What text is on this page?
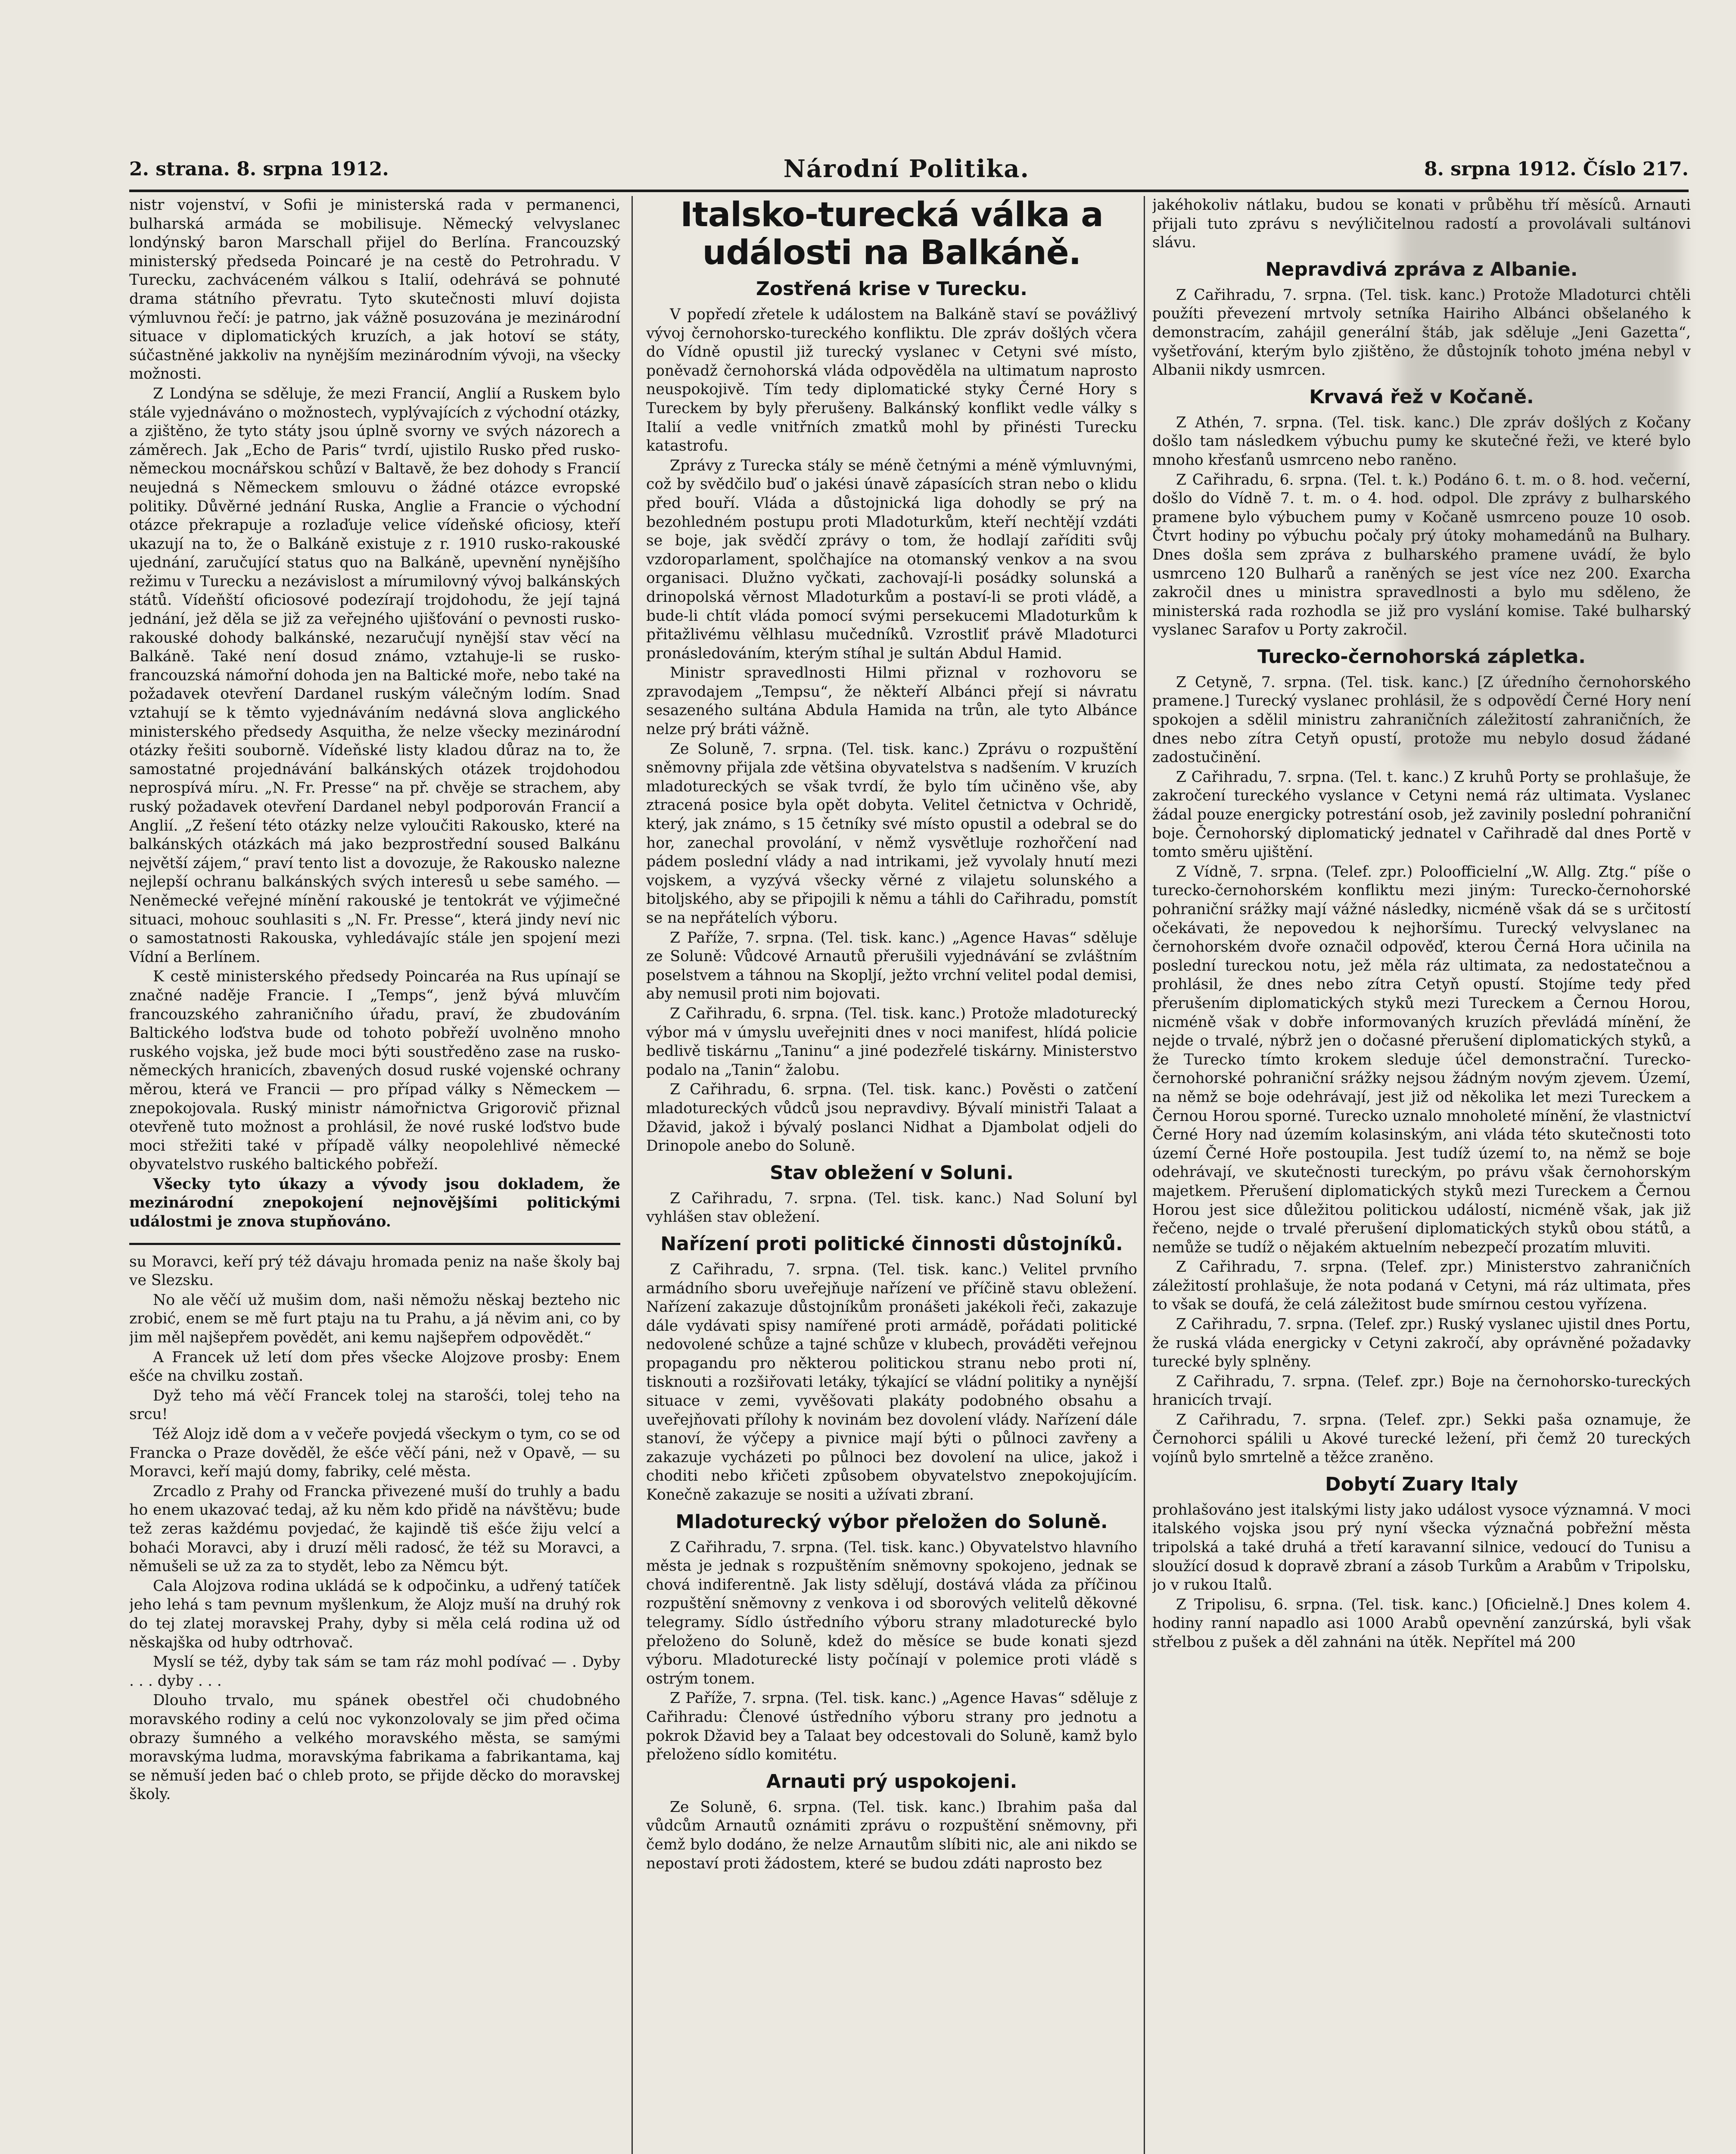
2. strana. 8. srpna 1912.	Národní Politika.	8. srpna 1912. Číslo 217.

nistr vojenství, v Sofii je ministerská rada v permanenci, bulharská armáda se mobilisuje. Německý velvyslanec londýnský baron Marschall přijel do Berlína. Francouzský ministerský předseda Poincaré je na cestě do Petrohradu. V Turecku, zachváceném válkou s Italií, odehrává se pohnuté drama státního převratu. Tyto skutečnosti mluví dojista výmluvnou řečí: je patrno, jak vážně posuzována je mezinárodní situace v diplomatických kruzích, a jak hotoví se státy, súčastněné jakkoliv na nynějším mezinárodním vývoji, na všecky možnosti.

Z Londýna se sděluje, že mezi Francií, Anglií a Ruskem bylo stále vyjednáváno o možnostech, vyplývajících z východní otázky, a zjištěno, že tyto státy jsou úplně svorny ve svých názorech a záměrech. Jak „Echo de Paris“ tvrdí, ujistilo Rusko před rusko-německou mocnářskou schůzí v Baltavě, že bez dohody s Francií neujedná s Německem smlouvu o žádné otázce evropské politiky. Důvěrné jednání Ruska, Anglie a Francie o východní otázce překrapuje a rozlaďuje velice vídeňské oficiosy, kteří ukazují na to, že o Balkáně existuje z r. 1910 rusko-rakouské ujednání, zaručující status quo na Balkáně, upevnění nynějšího režimu v Turecku a nezávislost a mírumilovný vývoj balkánských států. Vídeňští oficiosové podezírají trojdohodu, že její tajná jednání, jež děla se již za veřejného ujišťování o pevnosti rusko-rakouské dohody balkánské, nezaručují nynější stav věcí na Balkáně. Také není dosud známo, vztahuje-li se rusko-francouzská námořní dohoda jen na Baltické moře, nebo také na požadavek otevření Dardanel ruským válečným lodím. Snad vztahují se k těmto vyjednáváním nedávná slova anglického ministerského předsedy Asquitha, že nelze všecky mezinárodní otázky řešiti souborně. Vídeňské listy kladou důraz na to, že samostatné projednávání balkánských otázek trojdohodou neprospívá míru. „N. Fr. Presse“ na př. chvěje se strachem, aby ruský požadavek otevření Dardanel nebyl podporován Francií a Anglií. „Z řešení této otázky nelze vyloučiti Rakousko, které na balkánských otázkách má jako bezprostřední soused Balkánu největší zájem,“ praví tento list a dovozuje, že Rakousko nalezne nejlepší ochranu balkánských svých interesů u sebe samého. — Neněmecké veřejné mínění rakouské je tentokrát ve výjimečné situaci, mohouc souhlasiti s „N. Fr. Presse“, která jindy neví nic o samostatnosti Rakouska, vyhledávajíc stále jen spojení mezi Vídní a Berlínem.

K cestě ministerského předsedy Poincaréa na Rus upínají se značné naděje Francie. I „Temps“, jenž bývá mluvčím francouzského zahraničního úřadu, praví, že zbudováním Baltického loďstva bude od tohoto pobřeží uvolněno mnoho ruského vojska, jež bude moci býti soustředěno zase na rusko-německých hranicích, zbavených dosud ruské vojenské ochrany měrou, která ve Francii — pro případ války s Německem — znepokojovala. Ruský ministr námořnictva Grigorovič přiznal otevřeně tuto možnost a prohlásil, že nové ruské loďstvo bude moci střežiti také v případě války neopolehlivé německé obyvatelstvo ruského baltického pobřeží.

Všecky tyto úkazy a vývody jsou dokladem, že mezinárodní znepokojení nejnovějšími politickými událostmi je znova stupňováno.

su Moravci, keří prý též dávaju hromada peniz na naše školy baj ve Slezsku.

No ale věčí už mušim dom, naši němožu něskaj bezteho nic zrobić, enem se mě furt ptaju na tu Prahu, a já něvim ani, co by jim měl najšepřem povědět, ani kemu najšepřem odpovědět.“

A Francek už letí dom přes všecke Alojzove prosby: Enem ešće na chvilku zostaň.

Dyž teho má věčí Francek tolej na starošći, tolej teho na srcu!

Též Alojz idě dom a v večeře povjedá všeckym o tym, co se od Francka o Praze dověděl, že ešće věčí páni, než v Opavě, — su Moravci, keří majú domy, fabriky, celé města.

Zrcadlo z Prahy od Francka přivezené muší do truhly a badu ho enem ukazovać tedaj, až ku něm kdo přidě na návštěvu; bude tež zeras každému povjedać, že kajindě tiš ešće žiju velcí a bohaći Moravci, aby i druzí měli radosć, že též su Moravci, a němušeli se už za za to stydět, lebo za Němcu být.

Cala Alojzova rodina ukládá se k odpočinku, a udřený tatíček jeho lehá s tam pevnum myšlenkum, že Alojz muší na druhý rok do tej zlatej moravskej Prahy, dyby si měla celá rodina už od něskajška od huby odtrhovač.

Myslí se též, dyby tak sám se tam ráz mohl podívać — . Dyby . . . dyby . . .

Dlouho trvalo, mu spánek obestřel oči chudobného moravského rodiny a celú noc vykonzolovaly se jim před očima obrazy šumného a velkého moravského města, se samými moravskýma ludma, moravskýma fabrikama a fabrikantama, kaj se němuší jeden bać o chleb proto, se přijde děcko do moravskej školy.

Italsko-turecká válka a události na Balkáně.
Zostřená krise v Turecku.

V popředí zřetele k událostem na Balkáně staví se povážlivý vývoj černohorsko-tureckého konfliktu. Dle zpráv došlých včera do Vídně opustil již turecký vyslanec v Cetyni své místo, poněvadž černohorská vláda odpověděla na ultimatum naprosto neuspokojivě. Tím tedy diplomatické styky Černé Hory s Tureckem by byly přerušeny. Balkánský konflikt vedle války s Italií a vedle vnitřních zmatků mohl by přinésti Turecku katastrofu.

Zprávy z Turecka stály se méně četnými a méně výmluvnými, což by svědčilo buď o jakési únavě zápasících stran nebo o klidu před bouří. Vláda a důstojnická liga dohodly se prý na bezohledném postupu proti Mladoturkům, kteří nechtějí vzdáti se boje, jak svědčí zprávy o tom, že hodlají zaříditi svůj vzdoroparlament, spolčhajíce na otomanský venkov a na svou organisaci. Dlužno vyčkati, zachovají-li posádky solunská a drinopolská věrnost Mladoturkům a postaví-li se proti vládě, a bude-li chtít vláda pomocí svými persekucemi Mladoturkům k přitažlivému vělhlasu mučedníků. Vzrostliť právě Mladoturci pronásledováním, kterým stíhal je sultán Abdul Hamid.

Ministr spravedlnosti Hilmi přiznal v rozhovoru se zpravodajem „Tempsu“, že někteří Albánci přejí si návratu sesazeného sultána Abdula Hamida na trůn, ale tyto Albánce nelze prý bráti vážně.

Ze Soluně, 7. srpna. (Tel. tisk. kanc.) Zprávu o rozpuštění sněmovny přijala zde většina obyvatelstva s nadšením. V kruzích mladotureckých se však tvrdí, že bylo tím učiněno vše, aby ztracená posice byla opět dobyta. Velitel četnictva v Ochridě, který, jak známo, s 15 četníky své místo opustil a odebral se do hor, zanechal provolání, v němž vysvětluje rozhořčení nad pádem poslední vlády a nad intrikami, jež vyvolaly hnutí mezi vojskem, a vyzývá všecky věrné z vilajetu solunského a bitoljského, aby se připojili k němu a táhli do Cařihradu, pomstít se na nepřátelích výboru.

Z Paříže, 7. srpna. (Tel. tisk. kanc.) „Agence Havas“ sděluje ze Soluně: Vůdcové Arnautů přerušili vyjednávání se zvláštním poselstvem a táhnou na Skopljí, ježto vrchní velitel podal demisi, aby nemusil proti nim bojovati.

Z Cařihradu, 6. srpna. (Tel. tisk. kanc.) Protože mladoturecký výbor má v úmyslu uveřejniti dnes v noci manifest, hlídá policie bedlivě tiskárnu „Taninu“ a jiné podezřelé tiskárny. Ministerstvo podalo na „Tanin“ žalobu.

Z Cařihradu, 6. srpna. (Tel. tisk. kanc.) Pověsti o zatčení mladotureckých vůdců jsou nepravdivy. Bývalí ministři Talaat a Džavid, jakož i bývalý poslanci Nidhat a Djambolat odjeli do Drinopole anebo do Soluně.

Stav obležení v Soluni.

Z Cařihradu, 7. srpna. (Tel. tisk. kanc.) Nad Soluní byl vyhlášen stav obležení.

Nařízení proti politické činnosti důstojníků.

Z Cařihradu, 7. srpna. (Tel. tisk. kanc.) Velitel prvního armádního sboru uveřejňuje nařízení ve příčině stavu obležení. Nařízení zakazuje důstojníkům pronášeti jakékoli řeči, zakazuje dále vydávati spisy namířené proti armádě, pořádati politické nedovolené schůze a tajné schůze v klubech, prováděti veřejnou propagandu pro některou politickou stranu nebo proti ní, tisknouti a rozšiřovati letáky, týkající se vládní politiky a nynější situace v zemi, vyvěšovati plakáty podobného obsahu a uveřejňovati přílohy k novinám bez dovolení vlády. Nařízení dále stanoví, že výčepy a pivnice mají býti o půlnoci zavřeny a zakazuje vycházeti po půlnoci bez dovolení na ulice, jakož i choditi nebo křičeti způsobem obyvatelstvo znepokojujícím. Konečně zakazuje se nositi a užívati zbraní.

Mladoturecký výbor přeložen do Soluně.

Z Cařihradu, 7. srpna. (Tel. tisk. kanc.) Obyvatelstvo hlavního města je jednak s rozpuštěním sněmovny spokojeno, jednak se chová indiferentně. Jak listy sdělují, dostává vláda za příčinou rozpuštění sněmovny z venkova i od sborových velitelů děkovné telegramy. Sídlo ústředního výboru strany mladoturecké bylo přeloženo do Soluně, kdež do měsíce se bude konati sjezd výboru. Mladoturecké listy počínají v polemice proti vládě s ostrým tonem.

Z Paříže, 7. srpna. (Tel. tisk. kanc.) „Agence Havas“ sděluje z Cařihradu: Členové ústředního výboru strany pro jednotu a pokrok Džavid bey a Talaat bey odcestovali do Soluně, kamž bylo přeloženo sídlo komitétu.

Arnauti prý uspokojeni.

Ze Soluně, 6. srpna. (Tel. tisk. kanc.) Ibrahim paša dal vůdcům Arnautů oznámiti zprávu o rozpuštění sněmovny, při čemž bylo dodáno, že nelze Arnautům slíbiti nic, ale ani nikdo se nepostaví proti žádostem, které se budou zdáti naprosto bez

jakéhokoliv nátlaku, budou se konati v průběhu tří měsíců. Arnauti přijali tuto zprávu s nevýličitelnou radostí a provolávali sultánovi slávu.

Nepravdivá zpráva z Albanie.

Z Cařihradu, 7. srpna. (Tel. tisk. kanc.) Protože Mladoturci chtěli použíti převezení mrtvoly setníka Hairiho Albánci obšelaného k demonstracím, zahájil generální štáb, jak sděluje „Jeni Gazetta“, vyšetřování, kterým bylo zjištěno, že důstojník tohoto jména nebyl v Albanii nikdy usmrcen.

Krvavá řež v Kočaně.

Z Athén, 7. srpna. (Tel. tisk. kanc.) Dle zpráv došlých z Kočany došlo tam následkem výbuchu pumy ke skutečné řeži, ve které bylo mnoho křesťanů usmrceno nebo raněno.

Z Cařihradu, 6. srpna. (Tel. t. k.) Podáno 6. t. m. o 8. hod. večerní, došlo do Vídně 7. t. m. o 4. hod. odpol. Dle zprávy z bulharského pramene bylo výbuchem pumy v Kočaně usmrceno pouze 10 osob. Čtvrt hodiny po výbuchu počaly prý útoky mohamedánů na Bulhary. Dnes došla sem zpráva z bulharského pramene uvádí, že bylo usmrceno 120 Bulharů a raněných se jest více nez 200. Exarcha zakročil dnes u ministra spravedlnosti a bylo mu sděleno, že ministerská rada rozhodla se již pro vyslání komise. Také bulharský vyslanec Sarafov u Porty zakročil.

Turecko-černohorská zápletka.

Z Cetyně, 7. srpna. (Tel. tisk. kanc.) [Z úředního černohorského pramene.] Turecký vyslanec prohlásil, že s odpovědí Černé Hory není spokojen a sdělil ministru zahraničních záležitostí zahraničních, že dnes nebo zítra Cetyň opustí, protože mu nebylo dosud žádané zadostučinění.

Z Cařihradu, 7. srpna. (Tel. t. kanc.) Z kruhů Porty se prohlašuje, že zakročení tureckého vyslance v Cetyni nemá ráz ultimata. Vyslanec žádal pouze energicky potrestání osob, jež zavinily poslední pohraniční boje. Černohorský diplomatický jednatel v Cařihradě dal dnes Portě v tomto směru ujištění.

Z Vídně, 7. srpna. (Telef. zpr.) Poloofficielní „W. Allg. Ztg.“ píše o turecko-černohorském konfliktu mezi jiným: Turecko-černohorské pohraniční srážky mají vážné následky, nicméně však dá se s určitostí očekávati, že nepovedou k nejhoršímu. Turecký velvyslanec na černohorském dvoře označil odpověď, kterou Černá Hora učinila na poslední tureckou notu, jež měla ráz ultimata, za nedostatečnou a prohlásil, že dnes nebo zítra Cetyň opustí. Stojíme tedy před přerušením diplomatických styků mezi Tureckem a Černou Horou, nicméně však v dobře informovaných kruzích převládá mínění, že nejde o trvalé, nýbrž jen o dočasné přerušení diplomatických styků, a že Turecko tímto krokem sleduje účel demonstrační. Turecko-černohorské pohraniční srážky nejsou žádným novým zjevem. Území, na němž se boje odehrávají, jest již od několika let mezi Tureckem a Černou Horou sporné. Turecko uznalo mnoholeté mínění, že vlastnictví Černé Hory nad územím kolasinským, ani vláda této skutečnosti toto území Černé Hoře postoupila. Jest tudíž území to, na němž se boje odehrávají, ve skutečnosti tureckým, po právu však černohorským majetkem. Přerušení diplomatických styků mezi Tureckem a Černou Horou jest sice důležitou politickou událostí, nicméně však, jak již řečeno, nejde o trvalé přerušení diplomatických styků obou států, a nemůže se tudíž o nějakém aktuelním nebezpečí prozatím mluviti.

Z Cařihradu, 7. srpna. (Telef. zpr.) Ministerstvo zahraničních záležitostí prohlašuje, že nota podaná v Cetyni, má ráz ultimata, přes to však se doufá, že celá záležitost bude smírnou cestou vyřízena.

Z Cařihradu, 7. srpna. (Telef. zpr.) Ruský vyslanec ujistil dnes Portu, že ruská vláda energicky v Cetyni zakročí, aby oprávněné požadavky turecké byly splněny.

Z Cařihradu, 7. srpna. (Telef. zpr.) Boje na černohorsko-tureckých hranicích trvají.

Z Cařihradu, 7. srpna. (Telef. zpr.) Sekki paša oznamuje, že Černohorci spálili u Akové turecké ležení, při čemž 20 tureckých vojínů bylo smrtelně a těžce zraněno.

Dobytí Zuary Italy

prohlašováno jest italskými listy jako událost vysoce významná. V moci italského vojska jsou prý nyní všecka význačná pobřežní města tripolská a také druhá a třetí karavanní silnice, vedoucí do Tunisu a sloužící dosud k dopravě zbraní a zásob Turkům a Arabům v Tripolsku, jo v rukou Italů.

Z Tripolisu, 6. srpna. (Tel. tisk. kanc.) [Oficielně.] Dnes kolem 4. hodiny ranní napadlo asi 1000 Arabů opevnění zanzúrská, byli však střelbou z pušek a děl zahnáni na útěk. Nepřítel má 200
